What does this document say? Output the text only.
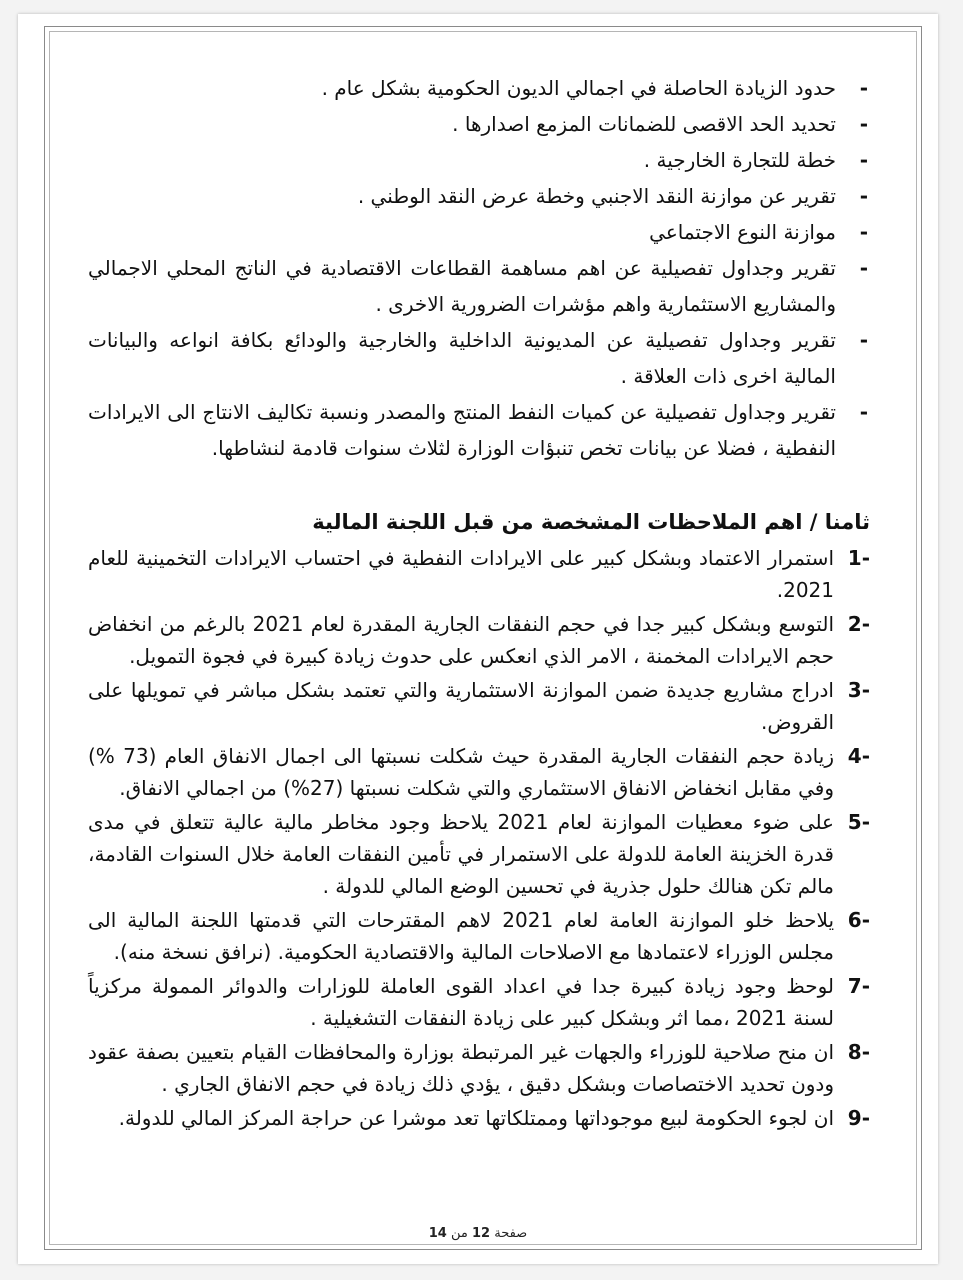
-
حدود الزيادة الحاصلة في اجمالي الديون الحكومية بشكل عام .
-
تحديد الحد الاقصى للضمانات المزمع اصدارها .
-
خطة للتجارة الخارجية .
-
تقرير عن موازنة النقد الاجنبي وخطة عرض النقد الوطني .
-
موازنة النوع الاجتماعي
-
تقرير وجداول تفصيلية عن اهم مساهمة القطاعات الاقتصادية في الناتج المحلي الاجمالي والمشاريع الاستثمارية واهم مؤشرات الضرورية الاخرى .
-
تقرير وجداول تفصيلية عن المديونية الداخلية والخارجية والودائع بكافة انواعه والبيانات المالية اخرى ذات العلاقة .
-
تقرير وجداول تفصيلية عن كميات النفط المنتج والمصدر ونسبة تكاليف الانتاج الى الايرادات النفطية ، فضلا عن بيانات تخص تنبؤات الوزارة لثلاث سنوات قادمة لنشاطها.
ثامنا / اهم الملاحظات المشخصة من قبل اللجنة المالية
1-
استمرار الاعتماد وبشكل كبير على الايرادات النفطية في احتساب الايرادات التخمينية للعام 2021.
2-
التوسع وبشكل كبير جدا في حجم النفقات الجارية المقدرة لعام 2021 بالرغم من انخفاض حجم الايرادات المخمنة ، الامر الذي انعكس على حدوث زيادة كبيرة في فجوة التمويل.
3-
ادراج مشاريع جديدة ضمن الموازنة الاستثمارية والتي تعتمد بشكل مباشر في تمويلها على القروض.
4-
زيادة حجم النفقات الجارية المقدرة حيث شكلت نسبتها الى اجمال الانفاق العام (73 %) وفي مقابل انخفاض الانفاق الاستثماري والتي شكلت نسبتها (27%) من اجمالي الانفاق.
5-
على ضوء معطيات الموازنة لعام 2021 يلاحظ وجود مخاطر مالية عالية تتعلق في مدى قدرة الخزينة العامة للدولة على الاستمرار في تأمين النفقات العامة خلال السنوات القادمة، مالم تكن هنالك حلول جذرية في تحسين الوضع المالي للدولة .
6-
يلاحظ خلو الموازنة العامة لعام 2021 لاهم المقترحات التي قدمتها اللجنة المالية الى مجلس الوزراء لاعتمادها مع الاصلاحات المالية والاقتصادية الحكومية. (نرافق نسخة منه).
7-
لوحظ وجود زيادة كبيرة جدا في اعداد القوى العاملة للوزارات والدوائر الممولة مركزياً لسنة 2021 ،مما اثر وبشكل كبير على زيادة النفقات التشغيلية .
8-
ان منح صلاحية للوزراء والجهات غير المرتبطة بوزارة والمحافظات القيام بتعيين بصفة عقود ودون تحديد الاختصاصات وبشكل دقيق ، يؤدي ذلك زيادة في حجم الانفاق الجاري .
9-
ان لجوء الحكومة لبيع موجوداتها وممتلكاتها تعد موشرا عن حراجة المركز المالي للدولة.
صفحة 12 من 14
